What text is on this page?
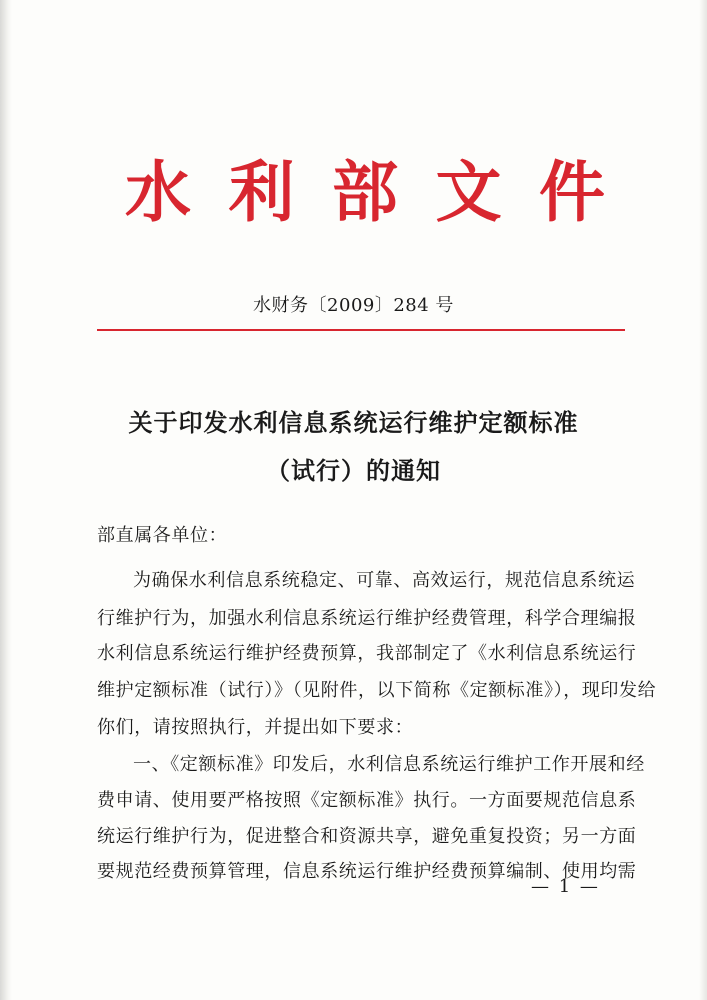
水 利 部 文 件
水财务〔2009〕284 号
关于印发水利信息系统运行维护定额标准
（试行）的通知
部直属各单位：
为确保水利信息系统稳定、可靠、高效运行，规范信息系统运
行维护行为，加强水利信息系统运行维护经费管理，科学合理编报
水利信息系统运行维护经费预算，我部制定了《水利信息系统运行
维护定额标准（试行）》（见附件，以下简称《定额标准》），现印发给
你们，请按照执行，并提出如下要求：
一、《定额标准》印发后，水利信息系统运行维护工作开展和经
费申请、使用要严格按照《定额标准》执行。一方面要规范信息系
统运行维护行为，促进整合和资源共享，避免重复投资；另一方面
要规范经费预算管理，信息系统运行维护经费预算编制、使用均需
— 1 —
